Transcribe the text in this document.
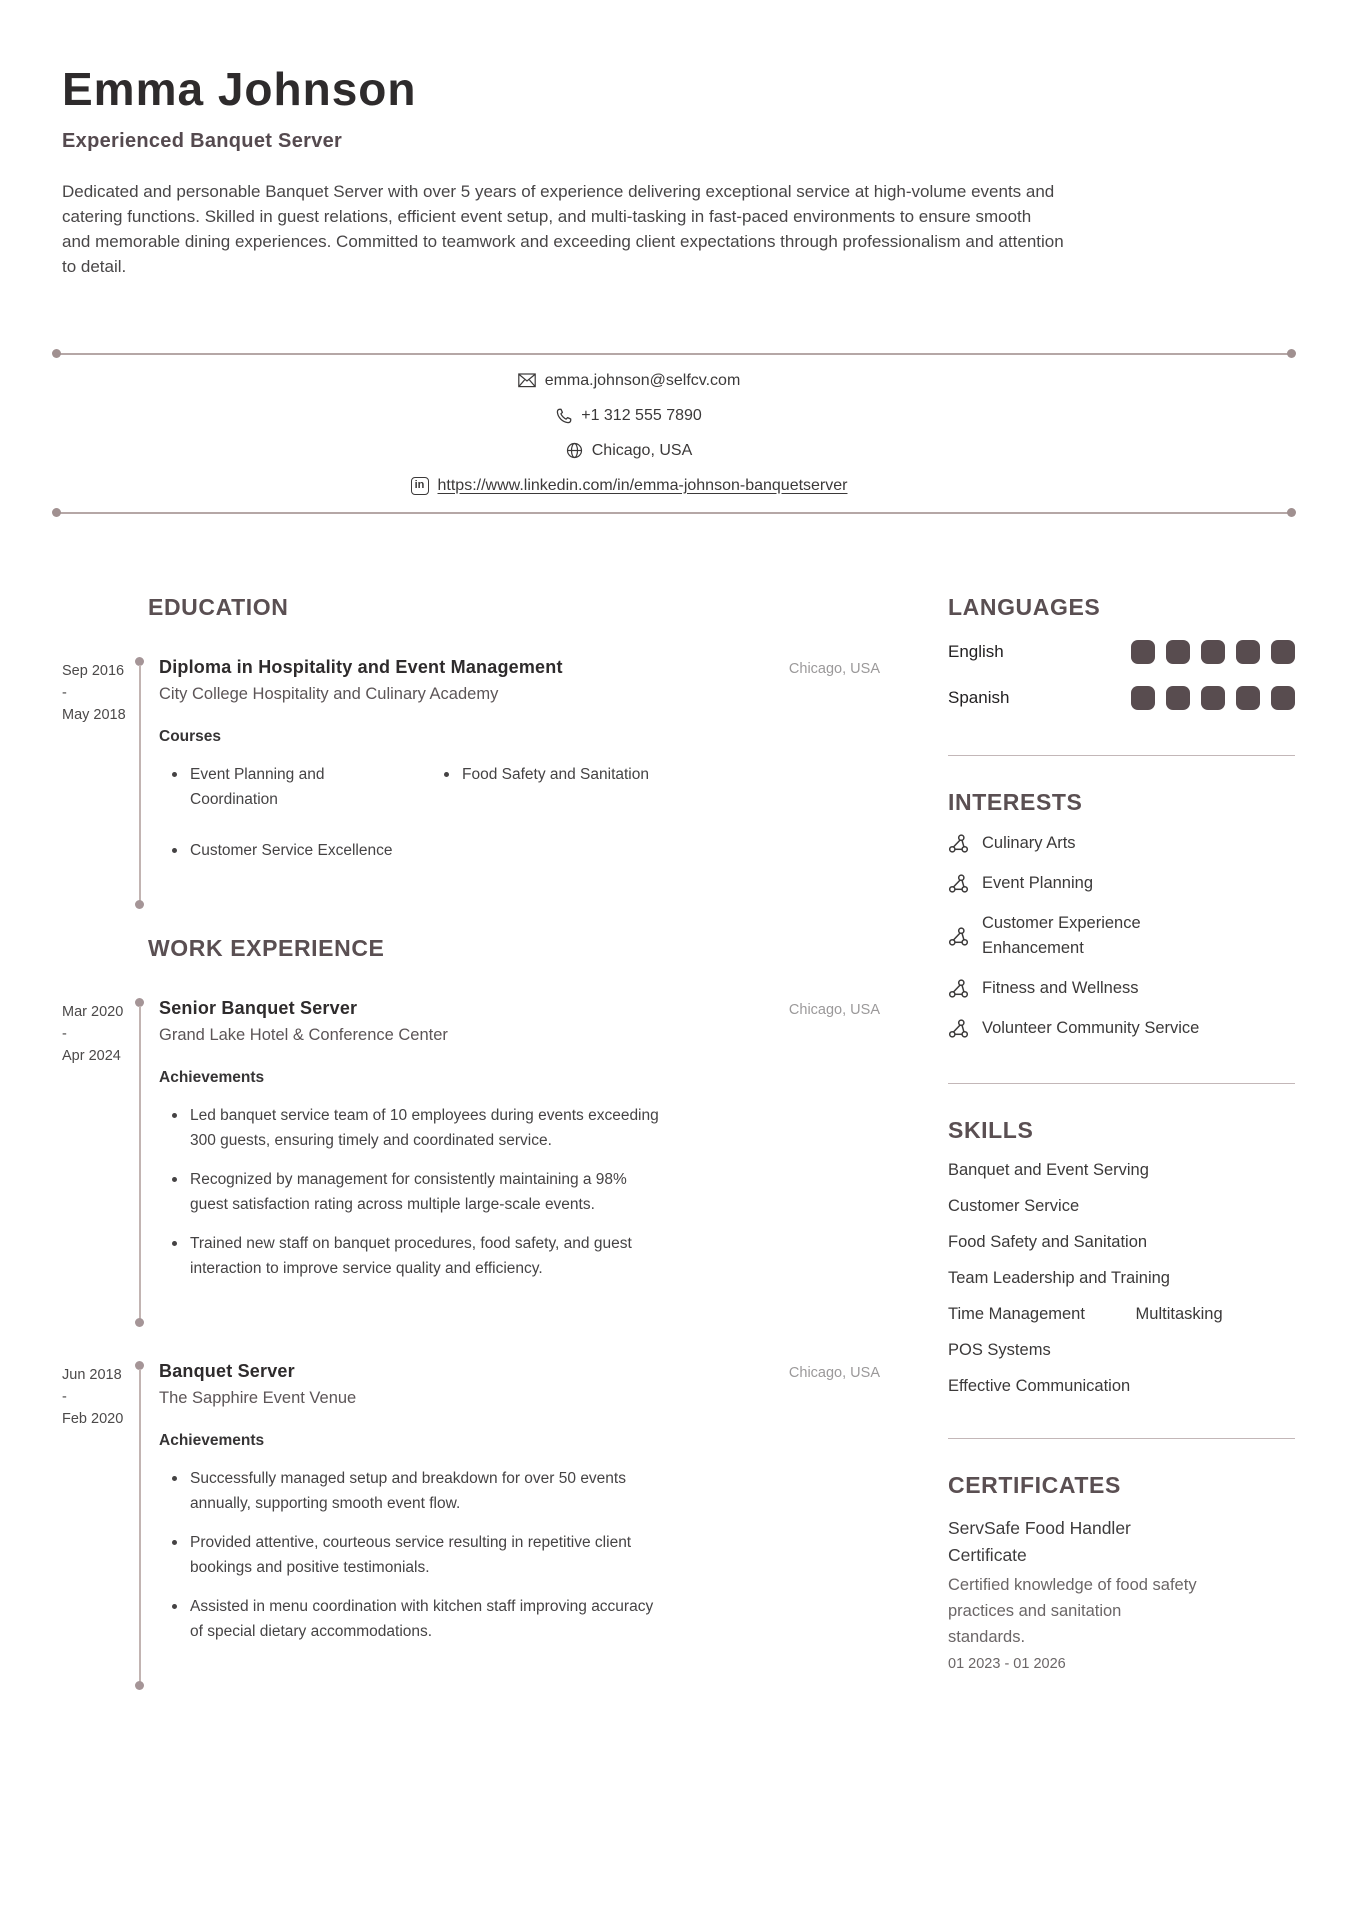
Emma Johnson
Experienced Banquet Server
Dedicated and personable Banquet Server with over 5 years of experience delivering exceptional service at high-volume events and catering functions. Skilled in guest relations, efficient event setup, and multi-tasking in fast-paced environments to ensure smooth and memorable dining experiences. Committed to teamwork and exceeding client expectations through professionalism and attention to detail.
emma.johnson@selfcv.com
+1 312 555 7890
Chicago, USA
in https://www.linkedin.com/in/emma-johnson-banquetserver
EDUCATION
Sep 2016
-
May 2018
Diploma in Hospitality and Event Management	Chicago, USA
City College Hospitality and Culinary Academy
Courses
Event Planning and Coordination
Food Safety and Sanitation
Customer Service Excellence
WORK EXPERIENCE
Mar 2020
-
Apr 2024
Senior Banquet Server	Chicago, USA
Grand Lake Hotel & Conference Center
Achievements
Led banquet service team of 10 employees during events exceeding 300 guests, ensuring timely and coordinated service.
Recognized by management for consistently maintaining a 98% guest satisfaction rating across multiple large-scale events.
Trained new staff on banquet procedures, food safety, and guest interaction to improve service quality and efficiency.
Jun 2018
-
Feb 2020
Banquet Server	Chicago, USA
The Sapphire Event Venue
Achievements
Successfully managed setup and breakdown for over 50 events annually, supporting smooth event flow.
Provided attentive, courteous service resulting in repetitive client bookings and positive testimonials.
Assisted in menu coordination with kitchen staff improving accuracy of special dietary accommodations.
LANGUAGES
English
Spanish
INTERESTS
Culinary Arts
Event Planning
Customer Experience Enhancement
Fitness and Wellness
Volunteer Community Service
SKILLS
Banquet and Event Serving
Customer Service
Food Safety and Sanitation
Team Leadership and Training
Time Management	Multitasking
POS Systems
Effective Communication
CERTIFICATES
ServSafe Food Handler Certificate
Certified knowledge of food safety practices and sanitation standards.
01 2023 - 01 2026
